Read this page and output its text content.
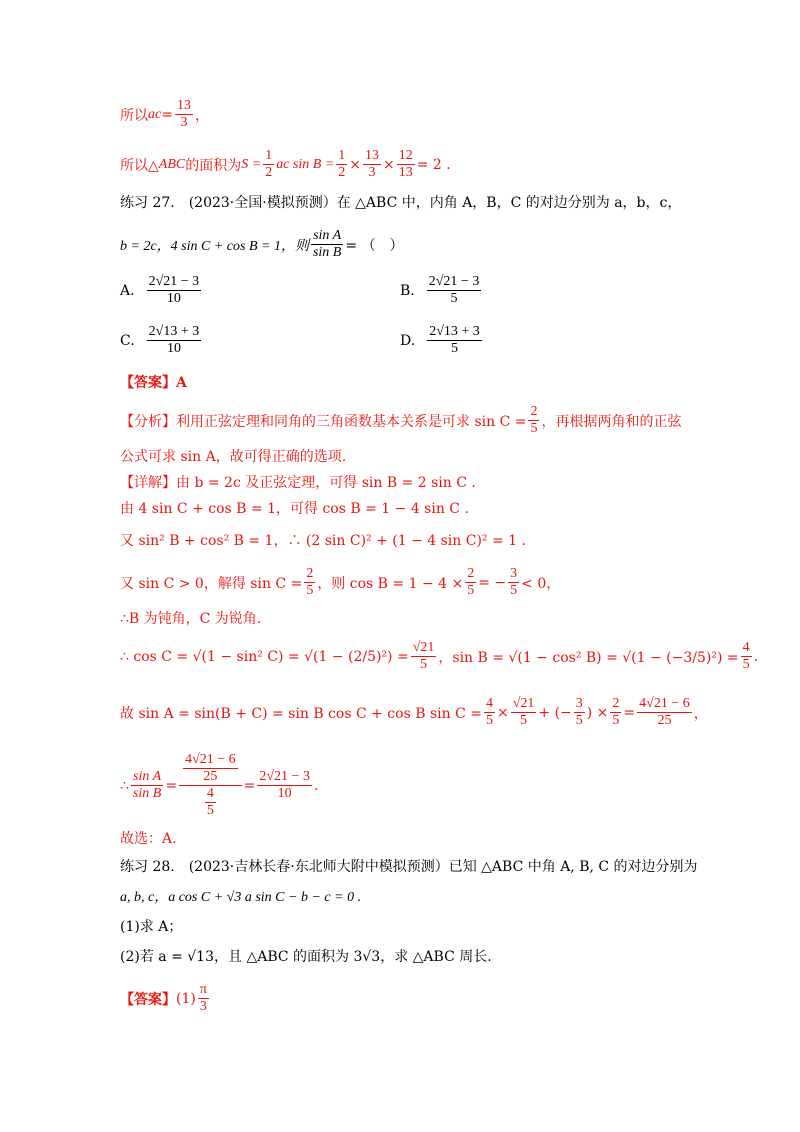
所以 ac = $\frac{13}{3}$ ，
所以△ ABC 的面积为 $S = \frac{1}{2}$ ac $\sin B = \frac{1}{2} \times \frac{13}{3} \times \frac{12}{13} = 2$ .
练习 27.　(2023·全国·模拟预测）在 △ABC 中，内角 A，B，C 的对边分别为 a，b，c，
b = 2c，4 sin C + cos B = 1，则 $\frac{\text{sin A}}{\text{sin B}}$ = （　）
A. $\frac{2√21 - 3}{10}$	B. $\frac{2√21 - 3}{5}$
C. $\frac{2√13 + 3}{10}$	D. $\frac{2√13 + 3}{5}$
【答案】A
【分析】利用正弦定理和同角的三角函数基本关系是可求 $\sin C = \frac{2}{5}$ ，再根据两角和的正弦
公式可求 sin A，故可得正确的选项.
【详解】由 b = 2c 及正弦定理，可得 sin B = 2 sin C .
由 4 sin C + cos B = 1，可得 cos B = 1 − 4 sin C .
又 sin² B + cos² B = 1，∴ (2 sin C)² + (1 − 4 sin C)² = 1 .
又 sin C > 0，解得 $\sin C = \frac{2}{5}$ ，则 $\cos B = 1 - 4 \times \frac{2}{5}$ = − $\frac{3}{5} < 0$，
∴B 为钝角，C 为锐角.
∴ cos C = √(1 − sin² $C) = √(1 - (2/5)^2) = \frac{√21}{5}$ ，sin B = √(1 − cos² $B) = √(1 - (-3/5)^2) = \frac{4}{5}$ .
故 sin A = sin(B + C) = sin B cos C + cos B $\sin C = \frac{4}{5} \times \frac{√21}{5}$ + (− $\frac{3}{5}$ ) × $\frac{2}{5} = \frac{4√21 - 6}{25}$ ，
∴ $\frac{\text{sin A}}{\text{sin B}} = \frac{\frac{4√21 - 6}{25}}{\frac{4}{5}} = \frac{2√21 - 3}{10}$ .
故选：A.
练习 28.　(2023·吉林长春·东北师大附中模拟预测）已知 △ABC 中角 A, B, C 的对边分别为
a, b, c，a cos C + √3 a sin C − b − c = 0 .
(1)求 A；
(2)若 a = √13，且 △ABC 的面积为 3√3，求 △ABC 周长.
【答案】 $(1) \frac{\pi}{3}$
